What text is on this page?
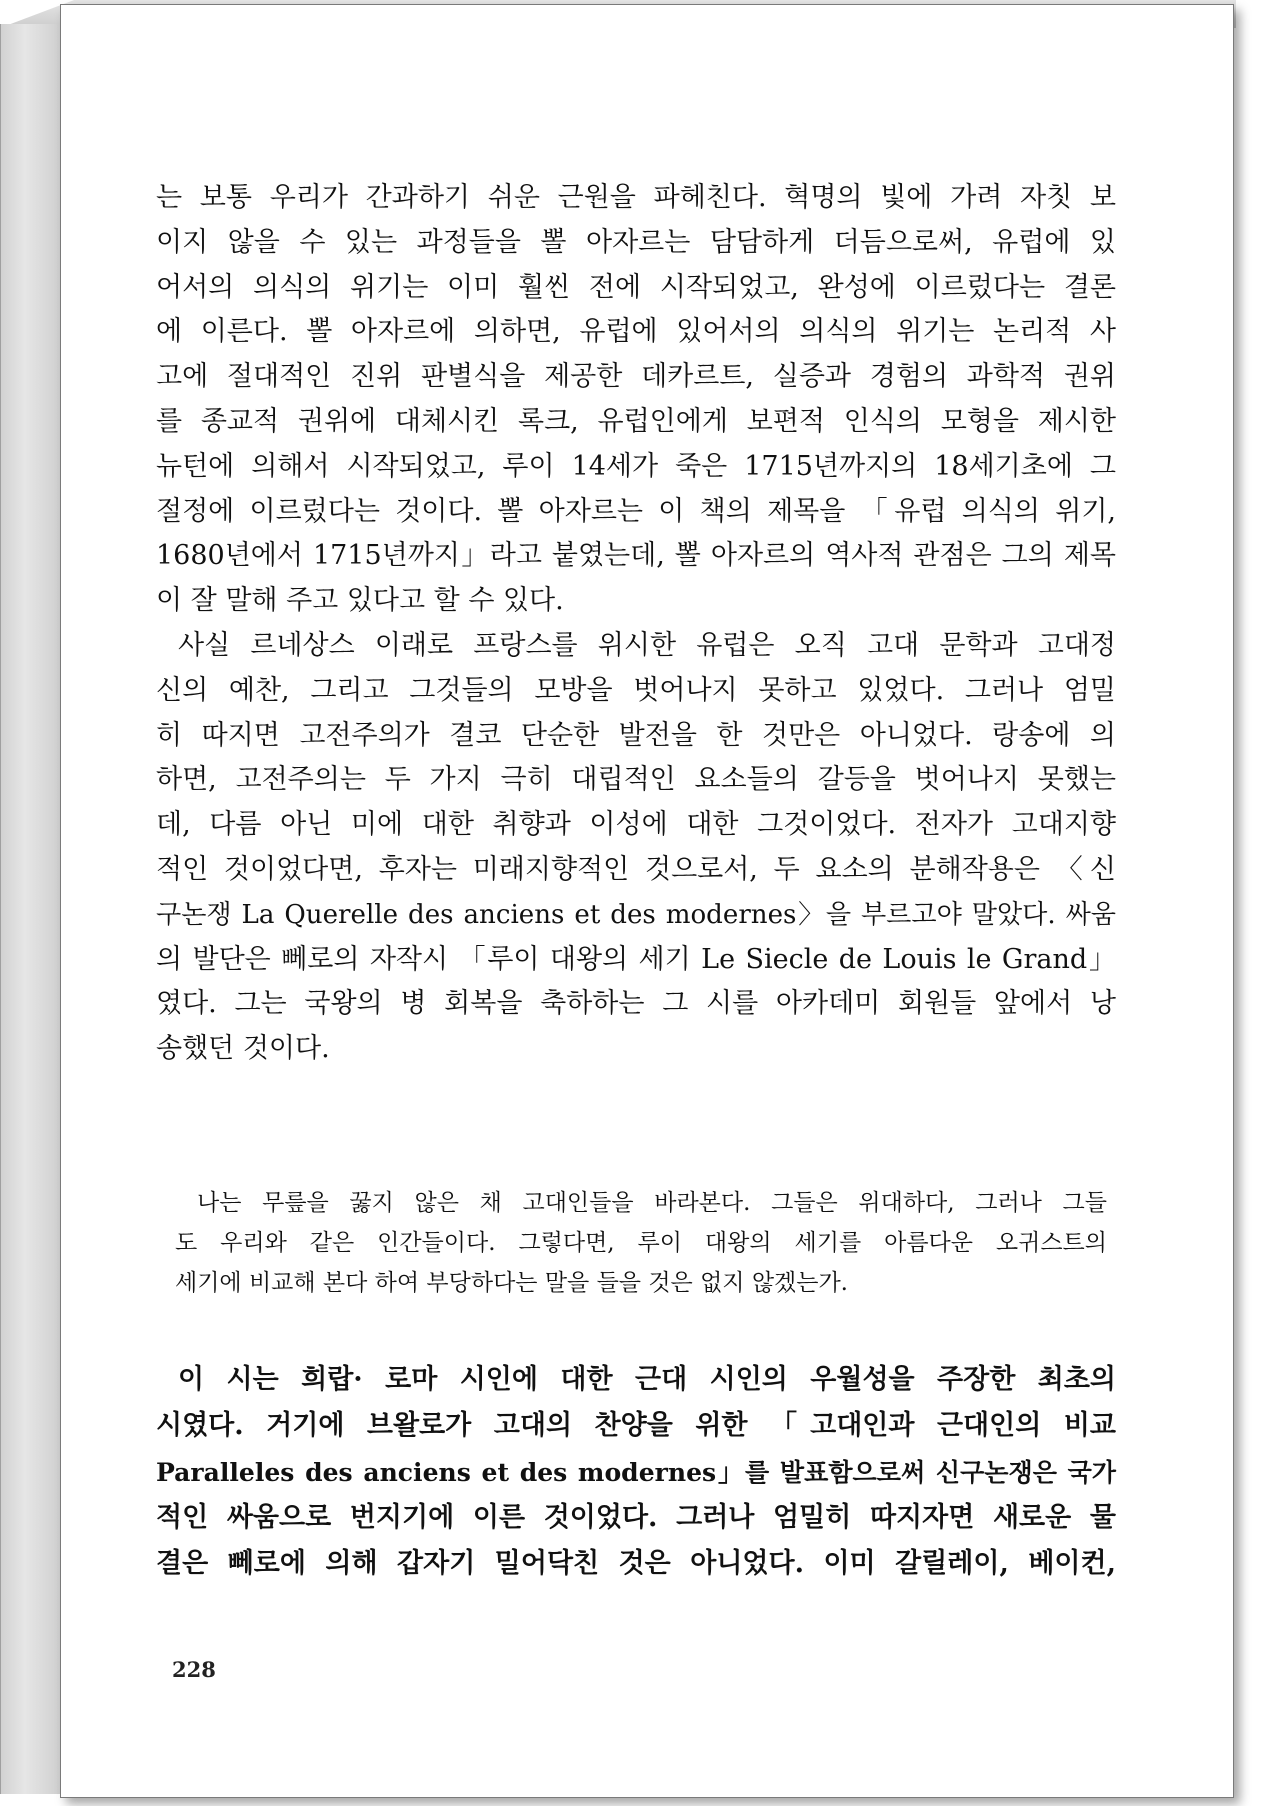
는 보통 우리가 간과하기 쉬운 근원을 파헤친다. 혁명의 빛에 가려 자칫 보
이지 않을 수 있는 과정들을 뽈 아자르는 담담하게 더듬으로써, 유럽에 있
어서의 의식의 위기는 이미 훨씬 전에 시작되었고, 완성에 이르렀다는 결론
에 이른다. 뽈 아자르에 의하면, 유럽에 있어서의 의식의 위기는 논리적 사
고에 절대적인 진위 판별식을 제공한 데카르트, 실증과 경험의 과학적 권위
를 종교적 권위에 대체시킨 록크, 유럽인에게 보편적 인식의 모형을 제시한
뉴턴에 의해서 시작되었고, 루이 14세가 죽은 1715년까지의 18세기초에 그
절정에 이르렀다는 것이다. 뽈 아자르는 이 책의 제목을 「유럽 의식의 위기,
1680년에서 1715년까지」라고 붙였는데, 뽈 아자르의 역사적 관점은 그의 제목
이 잘 말해 주고 있다고 할 수 있다.
사실 르네상스 이래로 프랑스를 위시한 유럽은 오직 고대 문학과 고대정
신의 예찬, 그리고 그것들의 모방을 벗어나지 못하고 있었다. 그러나 엄밀
히 따지면 고전주의가 결코 단순한 발전을 한 것만은 아니었다. 랑송에 의
하면, 고전주의는 두 가지 극히 대립적인 요소들의 갈등을 벗어나지 못했는
데, 다름 아닌 미에 대한 취향과 이성에 대한 그것이었다. 전자가 고대지향
적인 것이었다면, 후자는 미래지향적인 것으로서, 두 요소의 분해작용은 〈신
구논쟁 La Querelle des anciens et des modernes〉을 부르고야 말았다. 싸움
의 발단은 뻬로의 자작시 「루이 대왕의 세기 Le Siecle de Louis le Grand」
였다. 그는 국왕의 병 회복을 축하하는 그 시를 아카데미 회원들 앞에서 낭
송했던 것이다.
나는 무릎을 꿇지 않은 채 고대인들을 바라본다. 그들은 위대하다, 그러나 그들
도 우리와 같은 인간들이다. 그렇다면, 루이 대왕의 세기를 아름다운 오귀스트의
세기에 비교해 본다 하여 부당하다는 말을 들을 것은 없지 않겠는가.
이 시는 희랍· 로마 시인에 대한 근대 시인의 우월성을 주장한 최초의
시였다. 거기에 브왈로가 고대의 찬양을 위한 「고대인과 근대인의 비교
Paralleles des anciens et des modernes」를 발표함으로써 신구논쟁은 국가
적인 싸움으로 번지기에 이른 것이었다. 그러나 엄밀히 따지자면 새로운 물
결은 뻬로에 의해 갑자기 밀어닥친 것은 아니었다. 이미 갈릴레이, 베이컨,
228
